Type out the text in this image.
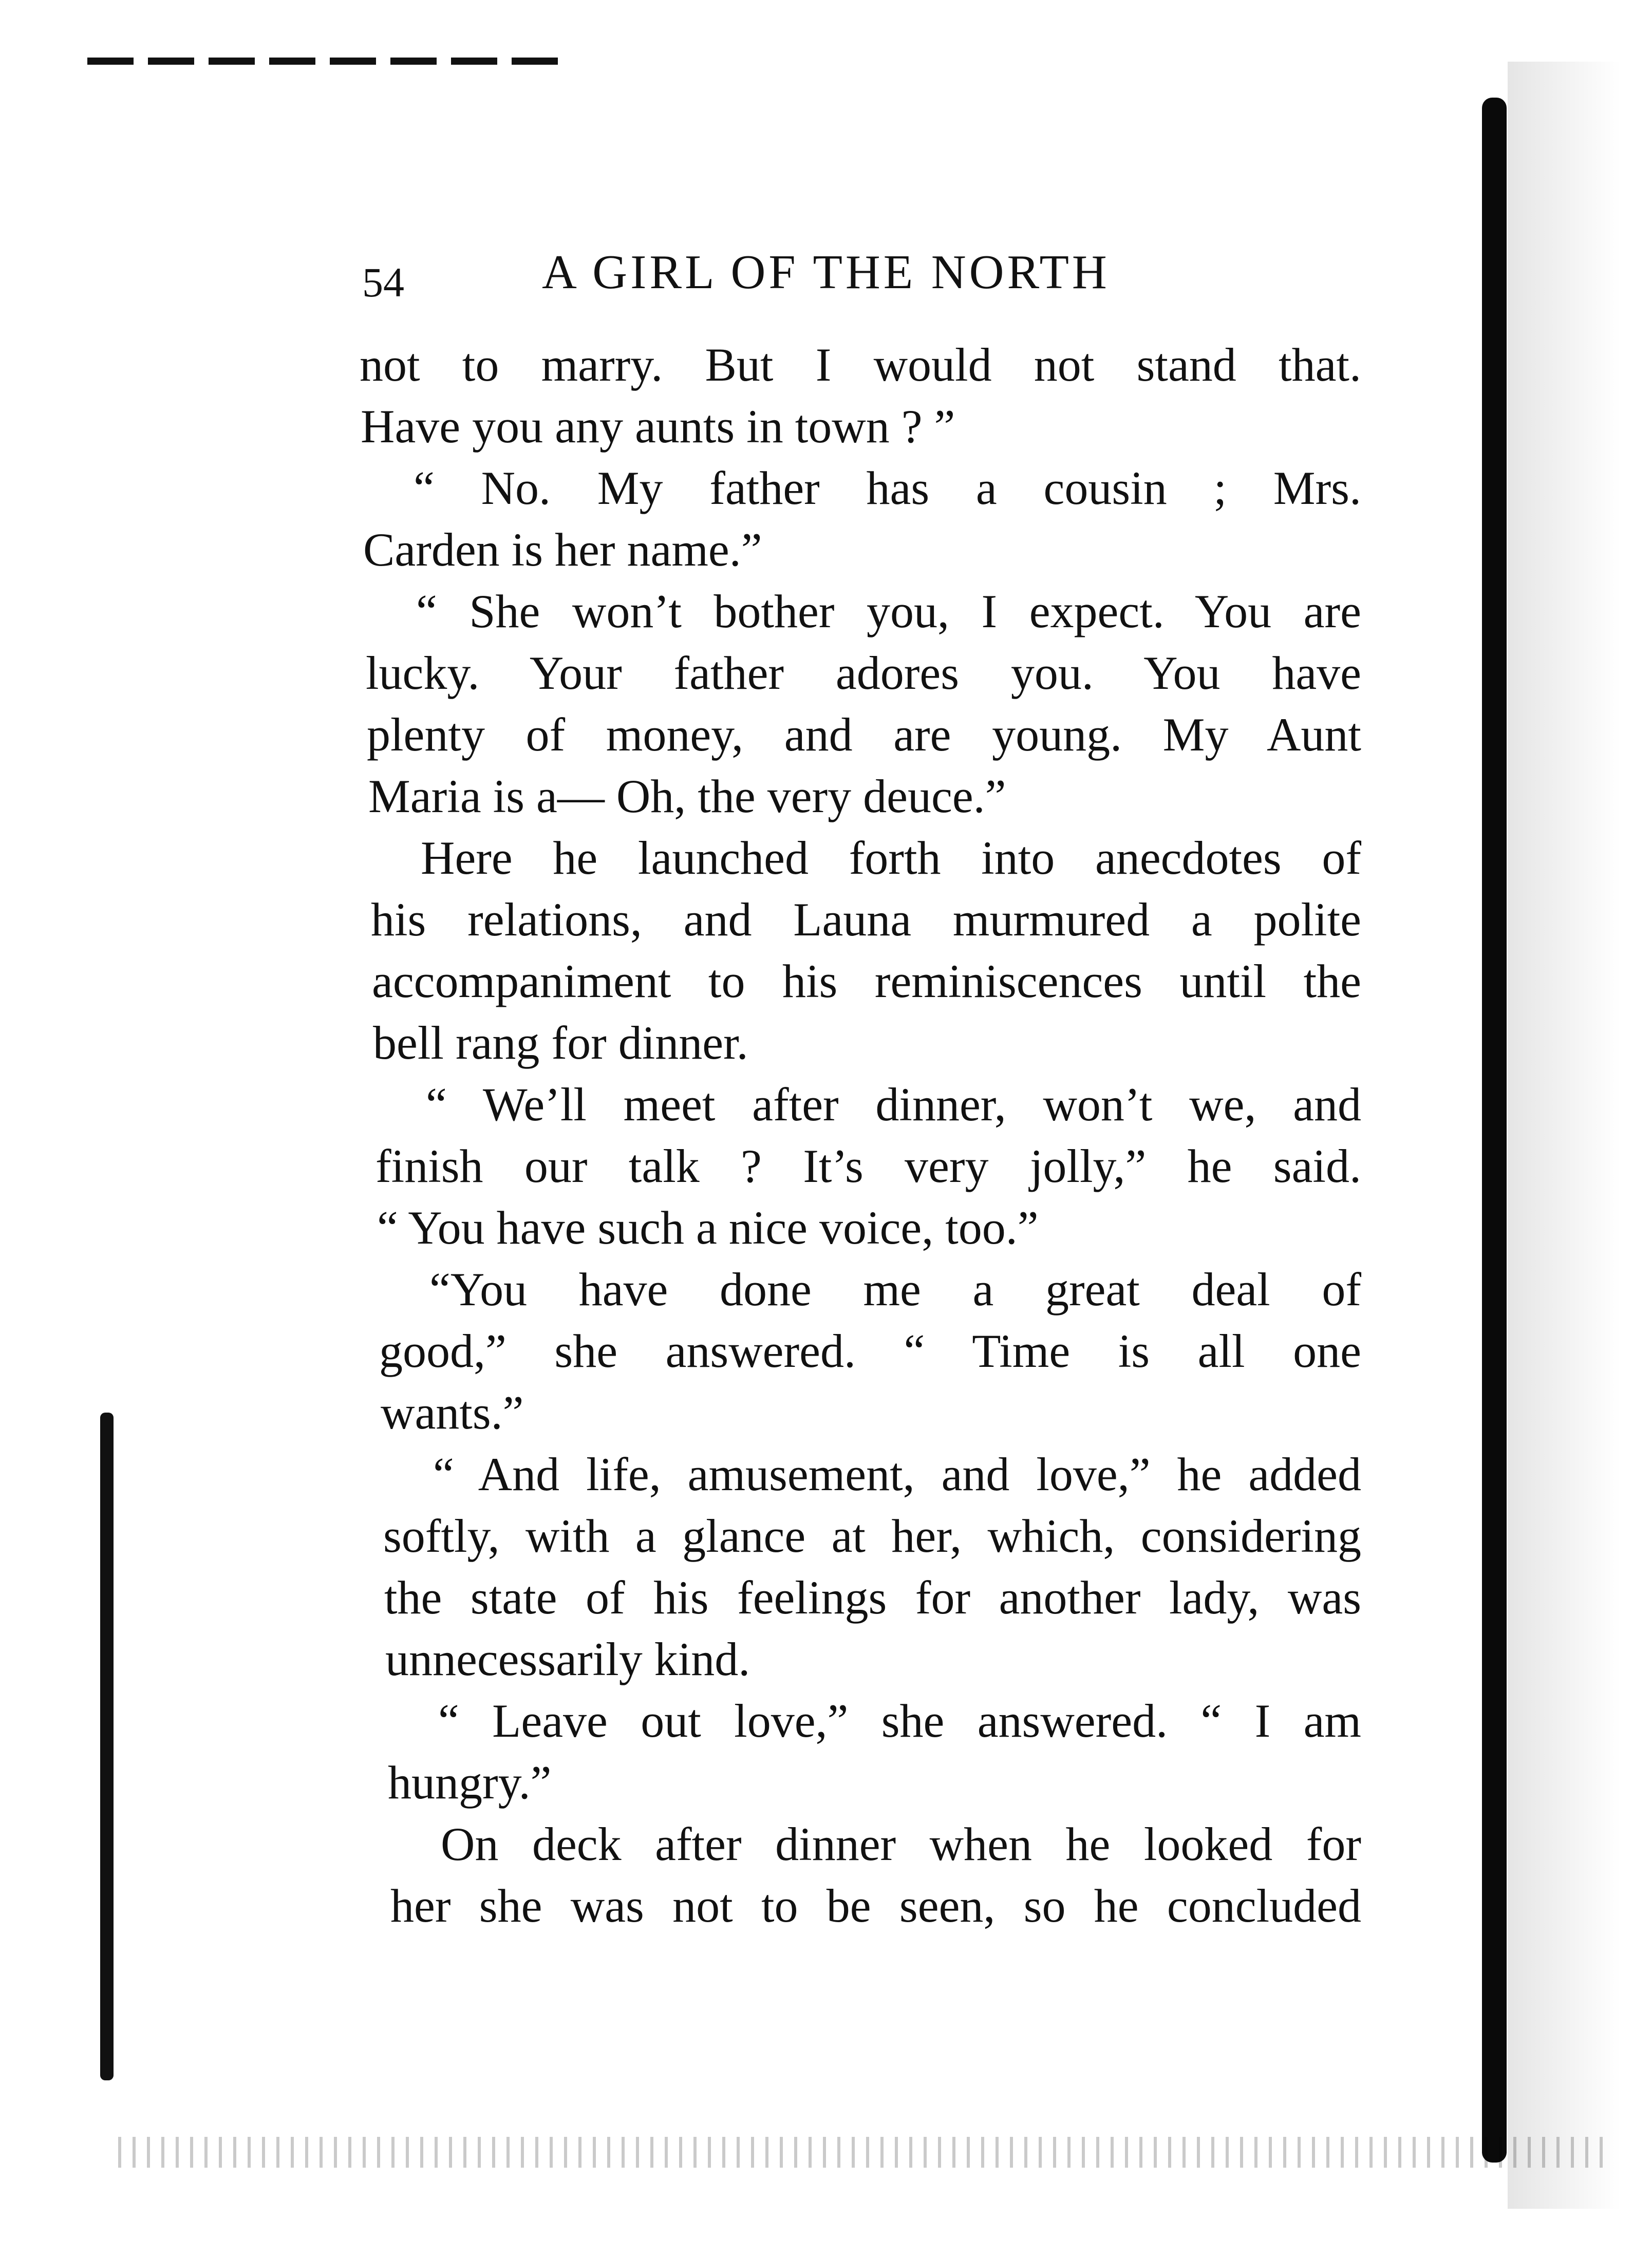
54	A GIRL OF THE NORTH
not to marry. But I would not stand that.
Have you any aunts in town ? ”
“ No. My father has a cousin ; Mrs.
Carden is her name.”
“ She won’t bother you, I expect. You are
lucky. Your father adores you. You have
plenty of money, and are young. My Aunt
Maria is a— Oh, the very deuce.”
Here he launched forth into anecdotes of
his relations, and Launa murmured a polite
accompaniment to his reminiscences until the
bell rang for dinner.
“ We’ll meet after dinner, won’t we, and
finish our talk ? It’s very jolly,” he said.
“ You have such a nice voice, too.”
“You have done me a great deal of
good,” she answered. “ Time is all one
wants.”
“ And life, amusement, and love,” he added
softly, with a glance at her, which, considering
the state of his feelings for another lady, was
unnecessarily kind.
“ Leave out love,” she answered. “ I am
hungry.”
On deck after dinner when he looked for
her she was not to be seen, so he concluded
